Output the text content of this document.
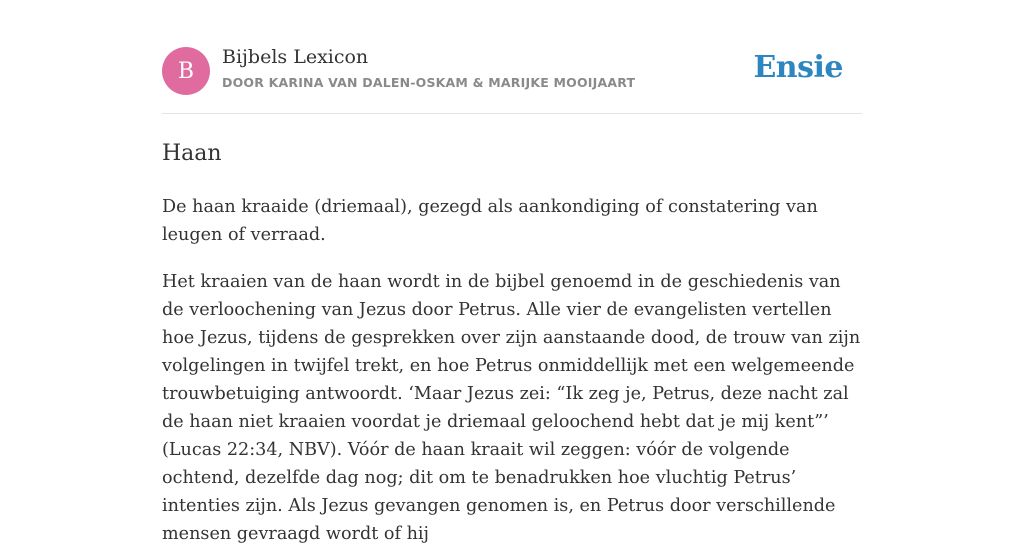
B
Bijbels Lexicon
DOOR KARINA VAN DALEN-OSKAM & MARIJKE MOOIJAART	Ensie
Haan

De haan kraaide (driemaal), gezegd als aankondiging of constatering van leugen of verraad.

Het kraaien van de haan wordt in de bijbel genoemd in de geschiedenis van de verloochening van Jezus door Petrus. Alle vier de evangelisten vertellen hoe Jezus, tijdens de gesprekken over zijn aanstaande dood, de trouw van zijn volgelingen in twijfel trekt, en hoe Petrus onmiddellijk met een welgemeende trouwbetuiging antwoordt. ‘Maar Jezus zei: “Ik zeg je, Petrus, deze nacht zal de haan niet kraaien voordat je driemaal geloochend hebt dat je mij kent”’ (Lucas 22:34, NBV). Vóór de haan kraait wil zeggen: vóór de volgende ochtend, dezelfde dag nog; dit om te benadrukken hoe vluchtig Petrus’ intenties zijn. Als Jezus gevangen genomen is, en Petrus door verschillende mensen gevraagd wordt of hij
